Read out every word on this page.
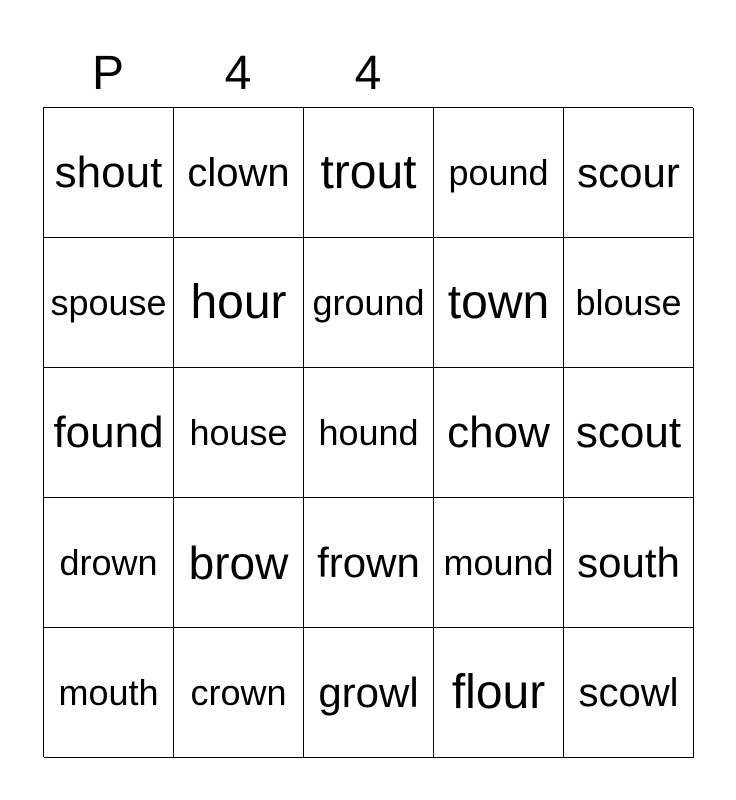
P	4	4
shout clown trout pound scour
spouse hour ground town blouse
found house hound chow scout
drown brow frown mound south
mouth crown growl flour scowl
